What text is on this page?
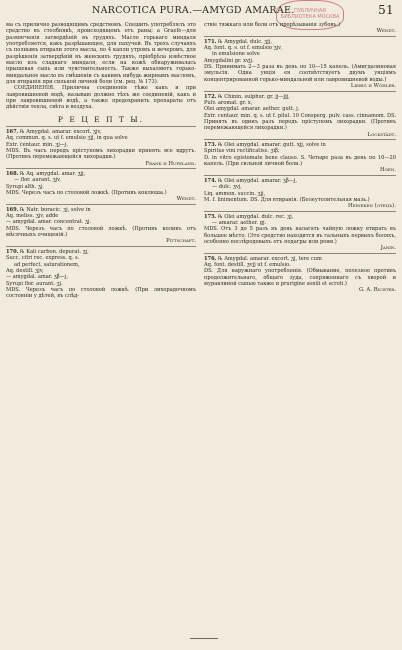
NARCOTICA PURA.—AMYGD AMARAE.	51
ПУБЛИЧНАЯ БИБЛИОТЕКА МОСКВА

ма съ прилично разводящимъ средствомъ. Спешить употреблялъ это средство въ столбнякѣ, происходящемъ отъ раны; а Graefe—для размягченія затвердѣній въ грудяхъ. Масло горькаго миндаля употребляется, какъ разрѣшающее, для пахучей. Въ трехъ случаяхъ съ полнымъ втирали этого масла, по 4 капли утромъ и вечеромъ, для разрѣшенія затвердѣній въ женскихъ грудяхъ, пріобрѣла извѣстное масло изъ сладкаго миндаля, если на кожѣ обнаруживалась прыщевая сыпь или чувствительность. Также выхаляютъ горько-миндальное масло въ смѣшеніи съ какимъ нибудь жирнымъ масломъ, для втиранія при сильной личной боли (см. рец. № 173).

СОЕДИНЕНІЯ. Прилична соединенія тѣже какъ и при лавровишневой водѣ, называю должно тѣхъ же соединеній, какъ и при лавровишневой водѣ, а также предохранить препараты отъ дѣйствія тепла, свѣта и воздуха.

Р Е Ц Е П Т Ы.

167. ℞ Amygdal. amarar. excort. ʒjv,

Aq. commun. q. s. ut f. emulsio ʒjj, in qua solve

Extr. centaur. min. ʒj—j.

MDS. Въ часъ передъ пріступомъ лихорадки принять все вдругъ. (Противъ перемежающейся лихорадки.)

Frank и Hufeland.

168. ℞ Aq. amygdal. amar. ʒjj,

— flor. aurant. ʒjv,

Syrupi alth. ʒj.

MDS. Черезъ часъ по столовой ложкѣ. (Противъ коклюша.)

Wendt.

169. ℞ Natr. boracic. ʒj, solve in

Aq. meliss. ʒjv, adde

— amygdal. amar. concentrat. ʒj.

MDS. Черезъ часъ по столовой ложкѣ. (Противъ коликъ отъ мѣсячныхъ очищеній.)

Pittschaft.

170. ℞ Kali carbon. depurat. ʒj,

Succ. citri rec. express. q. s.

ad perfect. saturationem,

Aq. destill. ʒjv,

— amygdal. amar. ʒβ—j,

Syrupi flor. aurant. ʒj.

MDS. Черезъ часъ по столовой ложкѣ. (При лихорадочномъ состояніи у дѣтей, въ слѣд-

ствіе тяжкаго или боли отъ прорѣзыванія зубовъ.)

Wendt.

171. ℞ Amygdal. dulc. ʒjj,

Aq. font. q. s. ut f. emulsio ʒjv,

in emulsione solve

Amygdalini gr. xvjj.

DS. Принимать 2—3 раза въ день по 10—15 капель. (Амигдалиновая эмульсія. Одна унція ея соотвѣтствуетъ двумъ унціямъ концентрированной горько-миндальной или лавровишневой воды.)

Liebig и Wöhler.

172. ℞ Chinin. sulphur. gr. jj—jjj,

Pulv. aromat. gr. x,

Olei amygdal. amarar. aether. gutt. j,

Extr. centaur. min. q. s. ut f. pilul. 10 Consperg. pulv. cass. cinnamom. DS. Принять въ одинъ разъ передъ пріступомъ лихорадки. (Противъ перемежающейся лихорадки.)

Lockstädt.

173. ℞ Olei amygdal. amarar. gutt. xjj, solve in

Spiritus vini rectificatiss. ʒiβ;

D. in vitro epistomate bene clauso. S. Четыре раза въ день по 10—20 капель. (При сильной личной боли.)

Hoen.

174. ℞ Olei amygdal. amarar. ʒβ—j,

— dulc. ʒvj,

Liq. ammon. succin. ʒjj,

M. f. linimentum. DS. Для втиранія. (Болеутолительная мазь.)

Heineken (отецъ).

175. ℞ Olei amygdal. dulc. rec. ʒj,

— amarar. aether. gj.

MDS. Отъ 3 до 5 разъ въ день налагать чайную ложку втирать въ большее мѣсто. (Это средство находится въ гальныхъ первыхъ боляхъ, особенно послѣродовыхъ отъ подагры или ревм.)

Janin.

176. ℞ Amygdal. amarar. excort. ʒj, tere cum

Aq. font. destill. ʒvjj ut f. emulsio.

DS. Для наружнаго употребленія. (Обмывание, полезное противъ продолжительнаго, общаго зуда, сопряженнаго съ хворой и муравлиной сыпью также и pruriginе senili et scroti.)

G. A. Richter.
